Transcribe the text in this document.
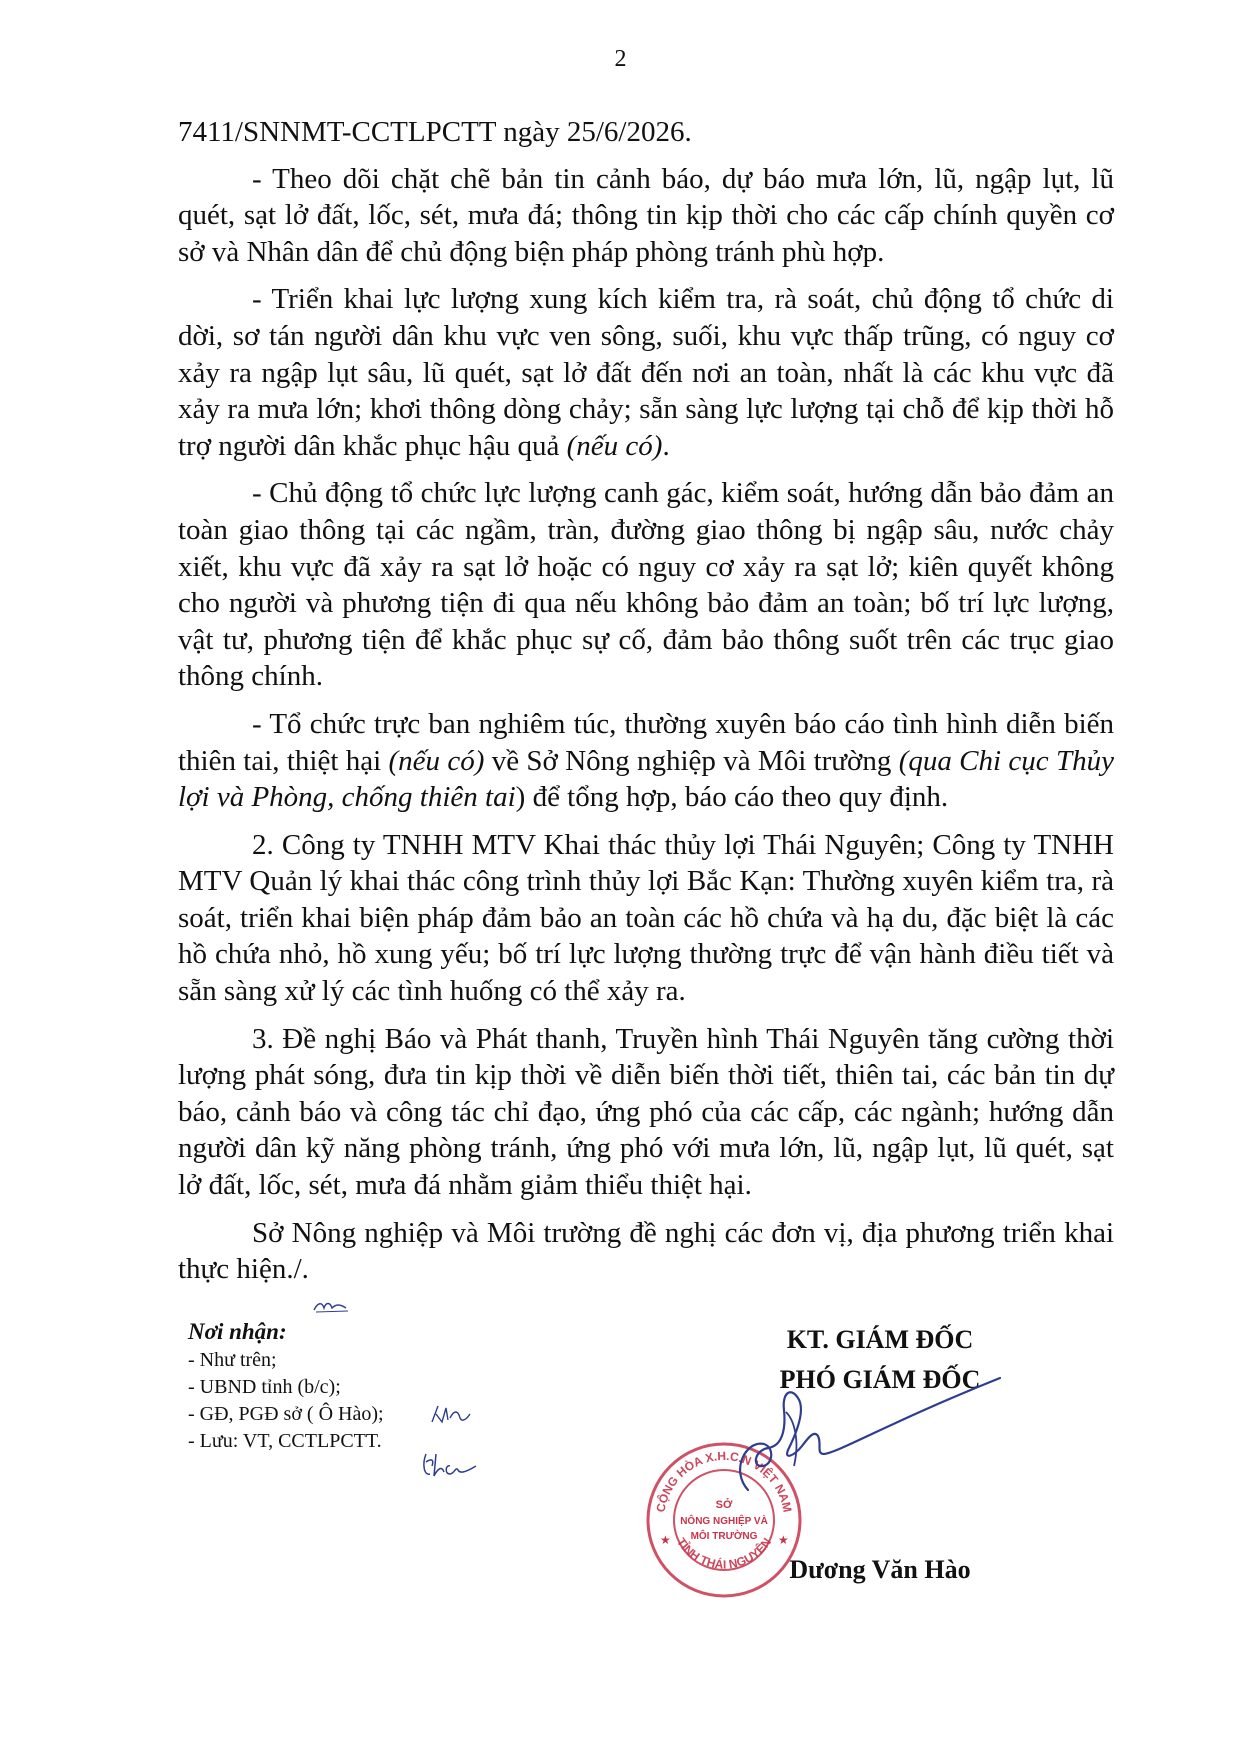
2

7411/SNNMT-CCTLPCTT ngày 25/6/2026.

- Theo dõi chặt chẽ bản tin cảnh báo, dự báo mưa lớn, lũ, ngập lụt, lũ quét, sạt lở đất, lốc, sét, mưa đá; thông tin kịp thời cho các cấp chính quyền cơ sở và Nhân dân để chủ động biện pháp phòng tránh phù hợp.

- Triển khai lực lượng xung kích kiểm tra, rà soát, chủ động tổ chức di dời, sơ tán người dân khu vực ven sông, suối, khu vực thấp trũng, có nguy cơ xảy ra ngập lụt sâu, lũ quét, sạt lở đất đến nơi an toàn, nhất là các khu vực đã xảy ra mưa lớn; khơi thông dòng chảy; sẵn sàng lực lượng tại chỗ để kịp thời hỗ trợ người dân khắc phục hậu quả (nếu có).

- Chủ động tổ chức lực lượng canh gác, kiểm soát, hướng dẫn bảo đảm an toàn giao thông tại các ngầm, tràn, đường giao thông bị ngập sâu, nước chảy xiết, khu vực đã xảy ra sạt lở hoặc có nguy cơ xảy ra sạt lở; kiên quyết không cho người và phương tiện đi qua nếu không bảo đảm an toàn; bố trí lực lượng, vật tư, phương tiện để khắc phục sự cố, đảm bảo thông suốt trên các trục giao thông chính.

- Tổ chức trực ban nghiêm túc, thường xuyên báo cáo tình hình diễn biến thiên tai, thiệt hại (nếu có) về Sở Nông nghiệp và Môi trường (qua Chi cục Thủy lợi và Phòng, chống thiên tai) để tổng hợp, báo cáo theo quy định.

2. Công ty TNHH MTV Khai thác thủy lợi Thái Nguyên; Công ty TNHH MTV Quản lý khai thác công trình thủy lợi Bắc Kạn: Thường xuyên kiểm tra, rà soát, triển khai biện pháp đảm bảo an toàn các hồ chứa và hạ du, đặc biệt là các hồ chứa nhỏ, hồ xung yếu; bố trí lực lượng thường trực để vận hành điều tiết và sẵn sàng xử lý các tình huống có thể xảy ra.

3. Đề nghị Báo và Phát thanh, Truyền hình Thái Nguyên tăng cường thời lượng phát sóng, đưa tin kịp thời về diễn biến thời tiết, thiên tai, các bản tin dự báo, cảnh báo và công tác chỉ đạo, ứng phó của các cấp, các ngành; hướng dẫn người dân kỹ năng phòng tránh, ứng phó với mưa lớn, lũ, ngập lụt, lũ quét, sạt lở đất, lốc, sét, mưa đá nhằm giảm thiểu thiệt hại.

Sở Nông nghiệp và Môi trường đề nghị các đơn vị, địa phương triển khai thực hiện./.

Nơi nhận:
- Như trên;
- UBND tỉnh (b/c);
- GĐ, PGĐ sở ( Ô Hào);
- Lưu: VT, CCTLPCTT.
KT. GIÁM ĐỐC
PHÓ GIÁM ĐỐC
CỘNG HÒA X.H.C.N VIỆT NAM
TỈNH THÁI NGUYÊN
SỞ
NÔNG NGHIỆP VÀ
MÔI TRƯỜNG
★	★
Dương Văn Hào
